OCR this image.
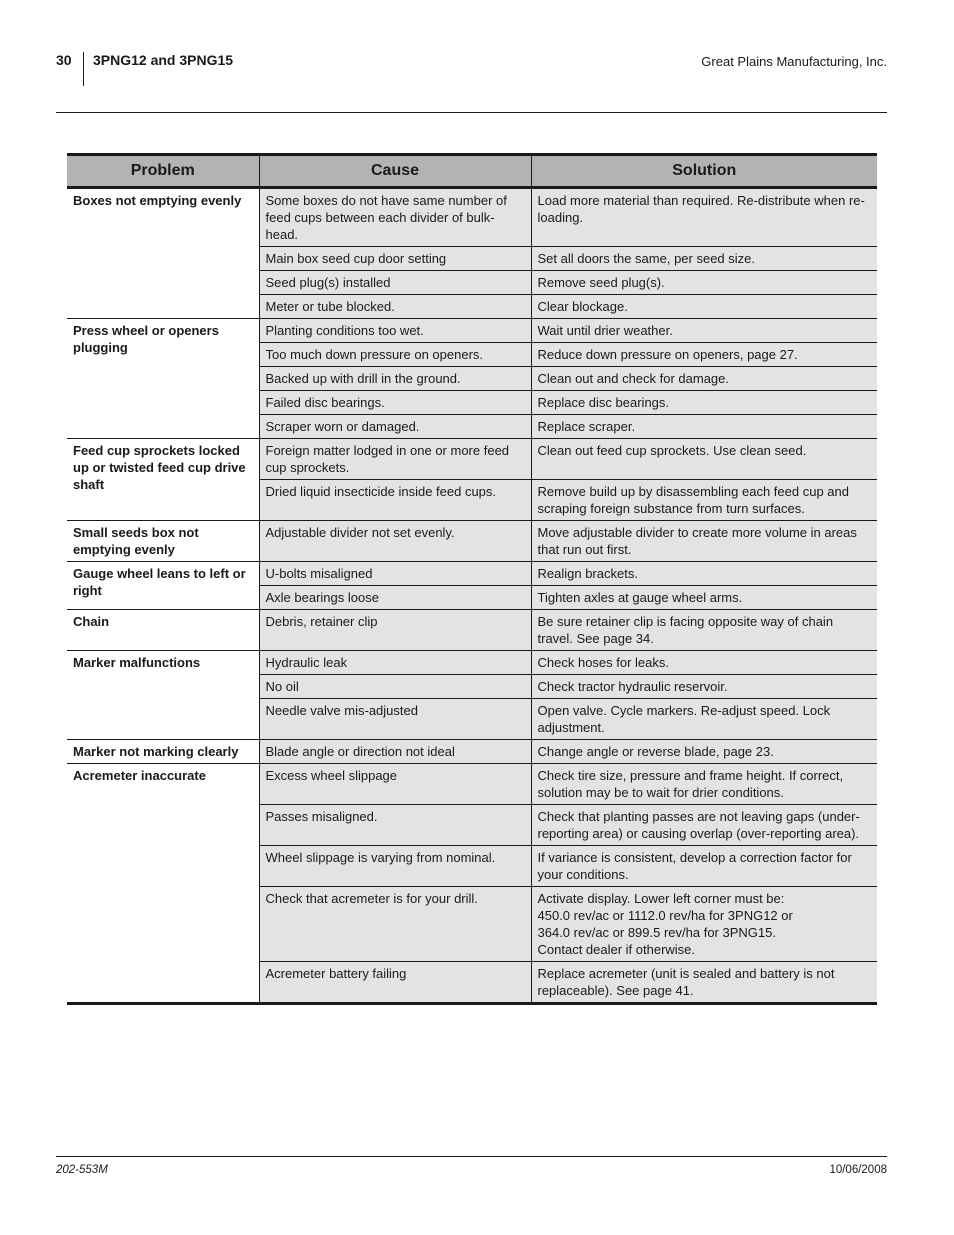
30 3PNG12 and 3PNG15	Great Plains Manufacturing, Inc.
Problem	Cause	Solution
Boxes not emptying evenly	Some boxes do not have same number of feed cups between each divider of bulk-head.	Load more material than required. Re-distribute when re-loading.
	Main box seed cup door setting	Set all doors the same, per seed size.
	Seed plug(s) installed	Remove seed plug(s).
	Meter or tube blocked.	Clear blockage.
Press wheel or openers plugging	Planting conditions too wet.	Wait until drier weather.
	Too much down pressure on openers.	Reduce down pressure on openers, page 27.
	Backed up with drill in the ground.	Clean out and check for damage.
	Failed disc bearings.	Replace disc bearings.
	Scraper worn or damaged.	Replace scraper.
Feed cup sprockets locked up or twisted feed cup drive shaft	Foreign matter lodged in one or more feed cup sprockets.	Clean out feed cup sprockets. Use clean seed.
	Dried liquid insecticide inside feed cups.	Remove build up by disassembling each feed cup and scraping foreign substance from turn surfaces.
Small seeds box not emptying evenly	Adjustable divider not set evenly.	Move adjustable divider to create more volume in areas that run out first.
Gauge wheel leans to left or right	U-bolts misaligned	Realign brackets.
	Axle bearings loose	Tighten axles at gauge wheel arms.
Chain	Debris, retainer clip	Be sure retainer clip is facing opposite way of chain travel. See page 34.
Marker malfunctions	Hydraulic leak	Check hoses for leaks.
	No oil	Check tractor hydraulic reservoir.
	Needle valve mis-adjusted	Open valve. Cycle markers. Re-adjust speed. Lock adjustment.
Marker not marking clearly	Blade angle or direction not ideal	Change angle or reverse blade, page 23.
Acremeter inaccurate	Excess wheel slippage	Check tire size, pressure and frame height. If correct, solution may be to wait for drier conditions.
	Passes misaligned.	Check that planting passes are not leaving gaps (under-reporting area) or causing overlap (over-reporting area).
	Wheel slippage is varying from nominal.	If variance is consistent, develop a correction factor for your conditions.
	Check that acremeter is for your drill.	Activate display. Lower left corner must be:
450.0 rev/ac or 1112.0 rev/ha for 3PNG12 or
364.0 rev/ac or 899.5 rev/ha for 3PNG15.
Contact dealer if otherwise.
	Acremeter battery failing	Replace acremeter (unit is sealed and battery is not replaceable). See page 41.
202-553M	10/06/2008
